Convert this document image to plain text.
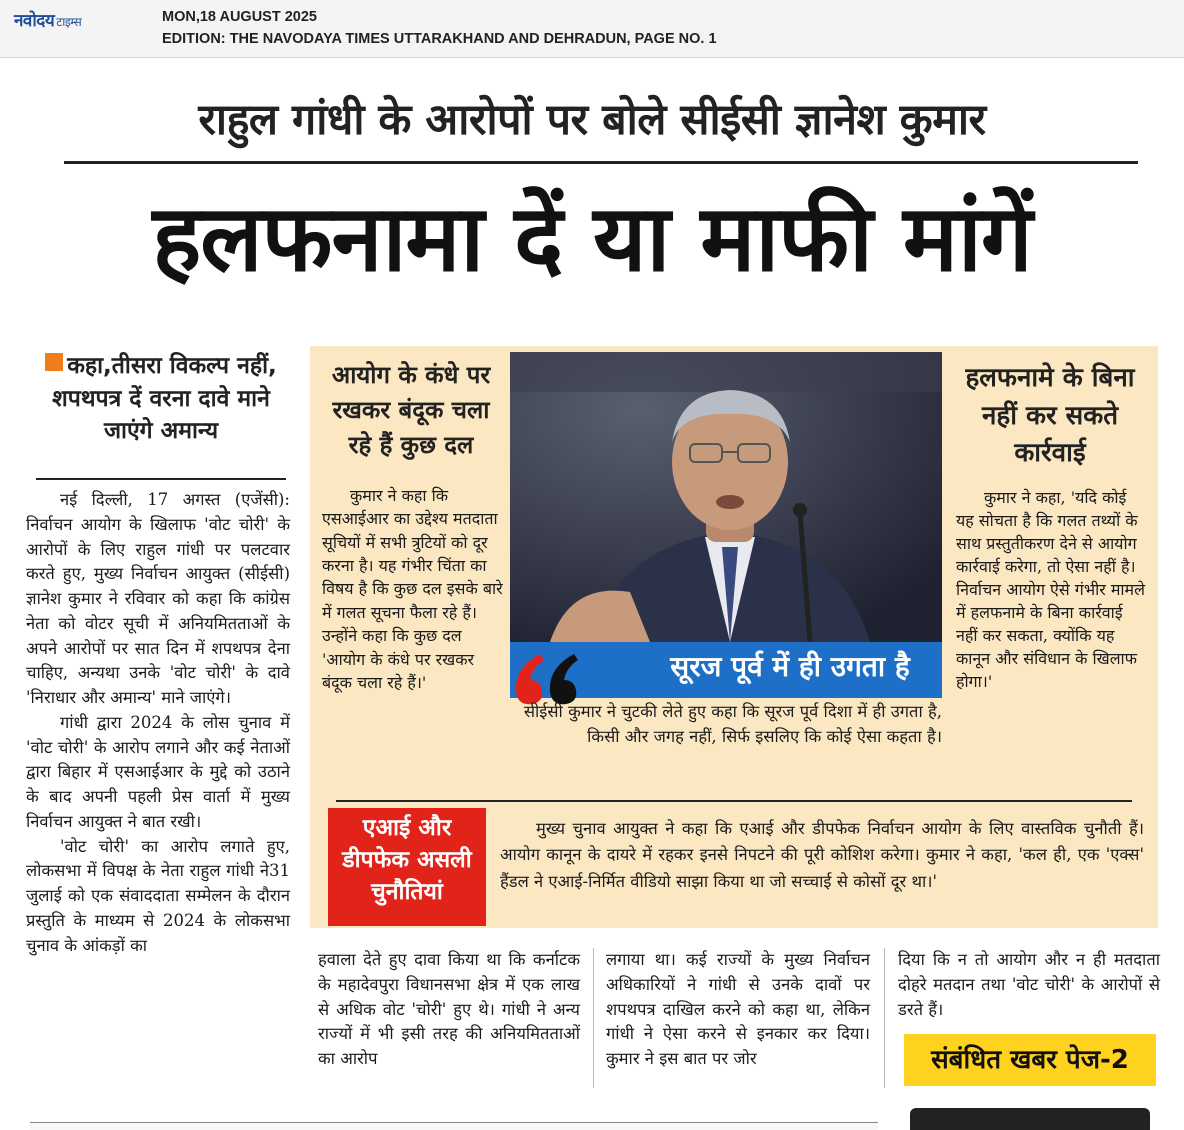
नवोदय टाइम्स	MON,18 AUGUST 2025
EDITION: THE NAVODAYA TIMES UTTARAKHAND AND DEHRADUN, PAGE NO. 1
राहुल गांधी के आरोपों पर बोले सीईसी ज्ञानेश कुमार
हलफनामा दें या माफी मांगें
कहा,तीसरा विकल्प नहीं, शपथपत्र दें वरना दावे माने जाएंगे अमान्य

नई दिल्ली, 17 अगस्त (एजेंसी): निर्वाचन आयोग के खिलाफ 'वोट चोरी' के आरोपों के लिए राहुल गांधी पर पलटवार करते हुए, मुख्य निर्वाचन आयुक्त (सीईसी) ज्ञानेश कुमार ने रविवार को कहा कि कांग्रेस नेता को वोटर सूची में अनियमितताओं के अपने आरोपों पर सात दिन में शपथपत्र देना चाहिए, अन्यथा उनके 'वोट चोरी' के दावे 'निराधार और अमान्य' माने जाएंगे।

गांधी द्वारा 2024 के लोस चुनाव में 'वोट चोरी' के आरोप लगाने और कई नेताओं द्वारा बिहार में एसआईआर के मुद्दे को उठाने के बाद अपनी पहली प्रेस वार्ता में मुख्य निर्वाचन आयुक्त ने बात रखी।

'वोट चोरी' का आरोप लगाते हुए, लोकसभा में विपक्ष के नेता राहुल गांधी ने31 जुलाई को एक संवाददाता सम्मेलन के दौरान प्रस्तुति के माध्यम से 2024 के लोकसभा चुनाव के आंकड़ों का

आयोग के कंधे पर रखकर बंदूक चला रहे हैं कुछ दल
कुमार ने कहा कि एसआईआर का उद्देश्य मतदाता सूचियों में सभी त्रुटियों को दूर करना है। यह गंभीर चिंता का विषय है कि कुछ दल इसके बारे में गलत सूचना फैला रहे हैं। उन्होंने कहा कि कुछ दल 'आयोग के कंधे पर रखकर बंदूक चला रहे हैं।'
हलफनामे के बिना नहीं कर सकते कार्रवाई
कुमार ने कहा, 'यदि कोई यह सोचता है कि गलत तथ्यों के साथ प्रस्तुतीकरण देने से आयोग कार्रवाई करेगा, तो ऐसा नहीं है। निर्वाचन आयोग ऐसे गंभीर मामले में हलफनामे के बिना कार्रवाई नहीं कर सकता, क्योंकि यह कानून और संविधान के खिलाफ होगा।'
सूरज पूर्व में ही उगता है
सीईसी कुमार ने चुटकी लेते हुए कहा कि सूरज पूर्व दिशा में ही उगता है, किसी और जगह नहीं, सिर्फ इसलिए कि कोई ऐसा कहता है।
एआई और डीपफेक असली चुनौतियां
मुख्य चुनाव आयुक्त ने कहा कि एआई और डीपफेक निर्वाचन आयोग के लिए वास्तविक चुनौती हैं। आयोग कानून के दायरे में रहकर इनसे निपटने की पूरी कोशिश करेगा। कुमार ने कहा, 'कल ही, एक 'एक्स' हैंडल ने एआई-निर्मित वीडियो साझा किया था जो सच्चाई से कोसों दूर था।'
हवाला देते हुए दावा किया था कि कर्नाटक के महादेवपुरा विधानसभा क्षेत्र में एक लाख से अधिक वोट 'चोरी' हुए थे। गांधी ने अन्य राज्यों में भी इसी तरह की अनियमितताओं का आरोप
लगाया था। कई राज्यों के मुख्य निर्वाचन अधिकारियों ने गांधी से उनके दावों पर शपथपत्र दाखिल करने को कहा था, लेकिन गांधी ने ऐसा करने से इनकार कर दिया। कुमार ने इस बात पर जोर
दिया कि न तो आयोग और न ही मतदाता दोहरे मतदान तथा 'वोट चोरी' के आरोपों से डरते हैं।
संबंधित खबर पेज-2
